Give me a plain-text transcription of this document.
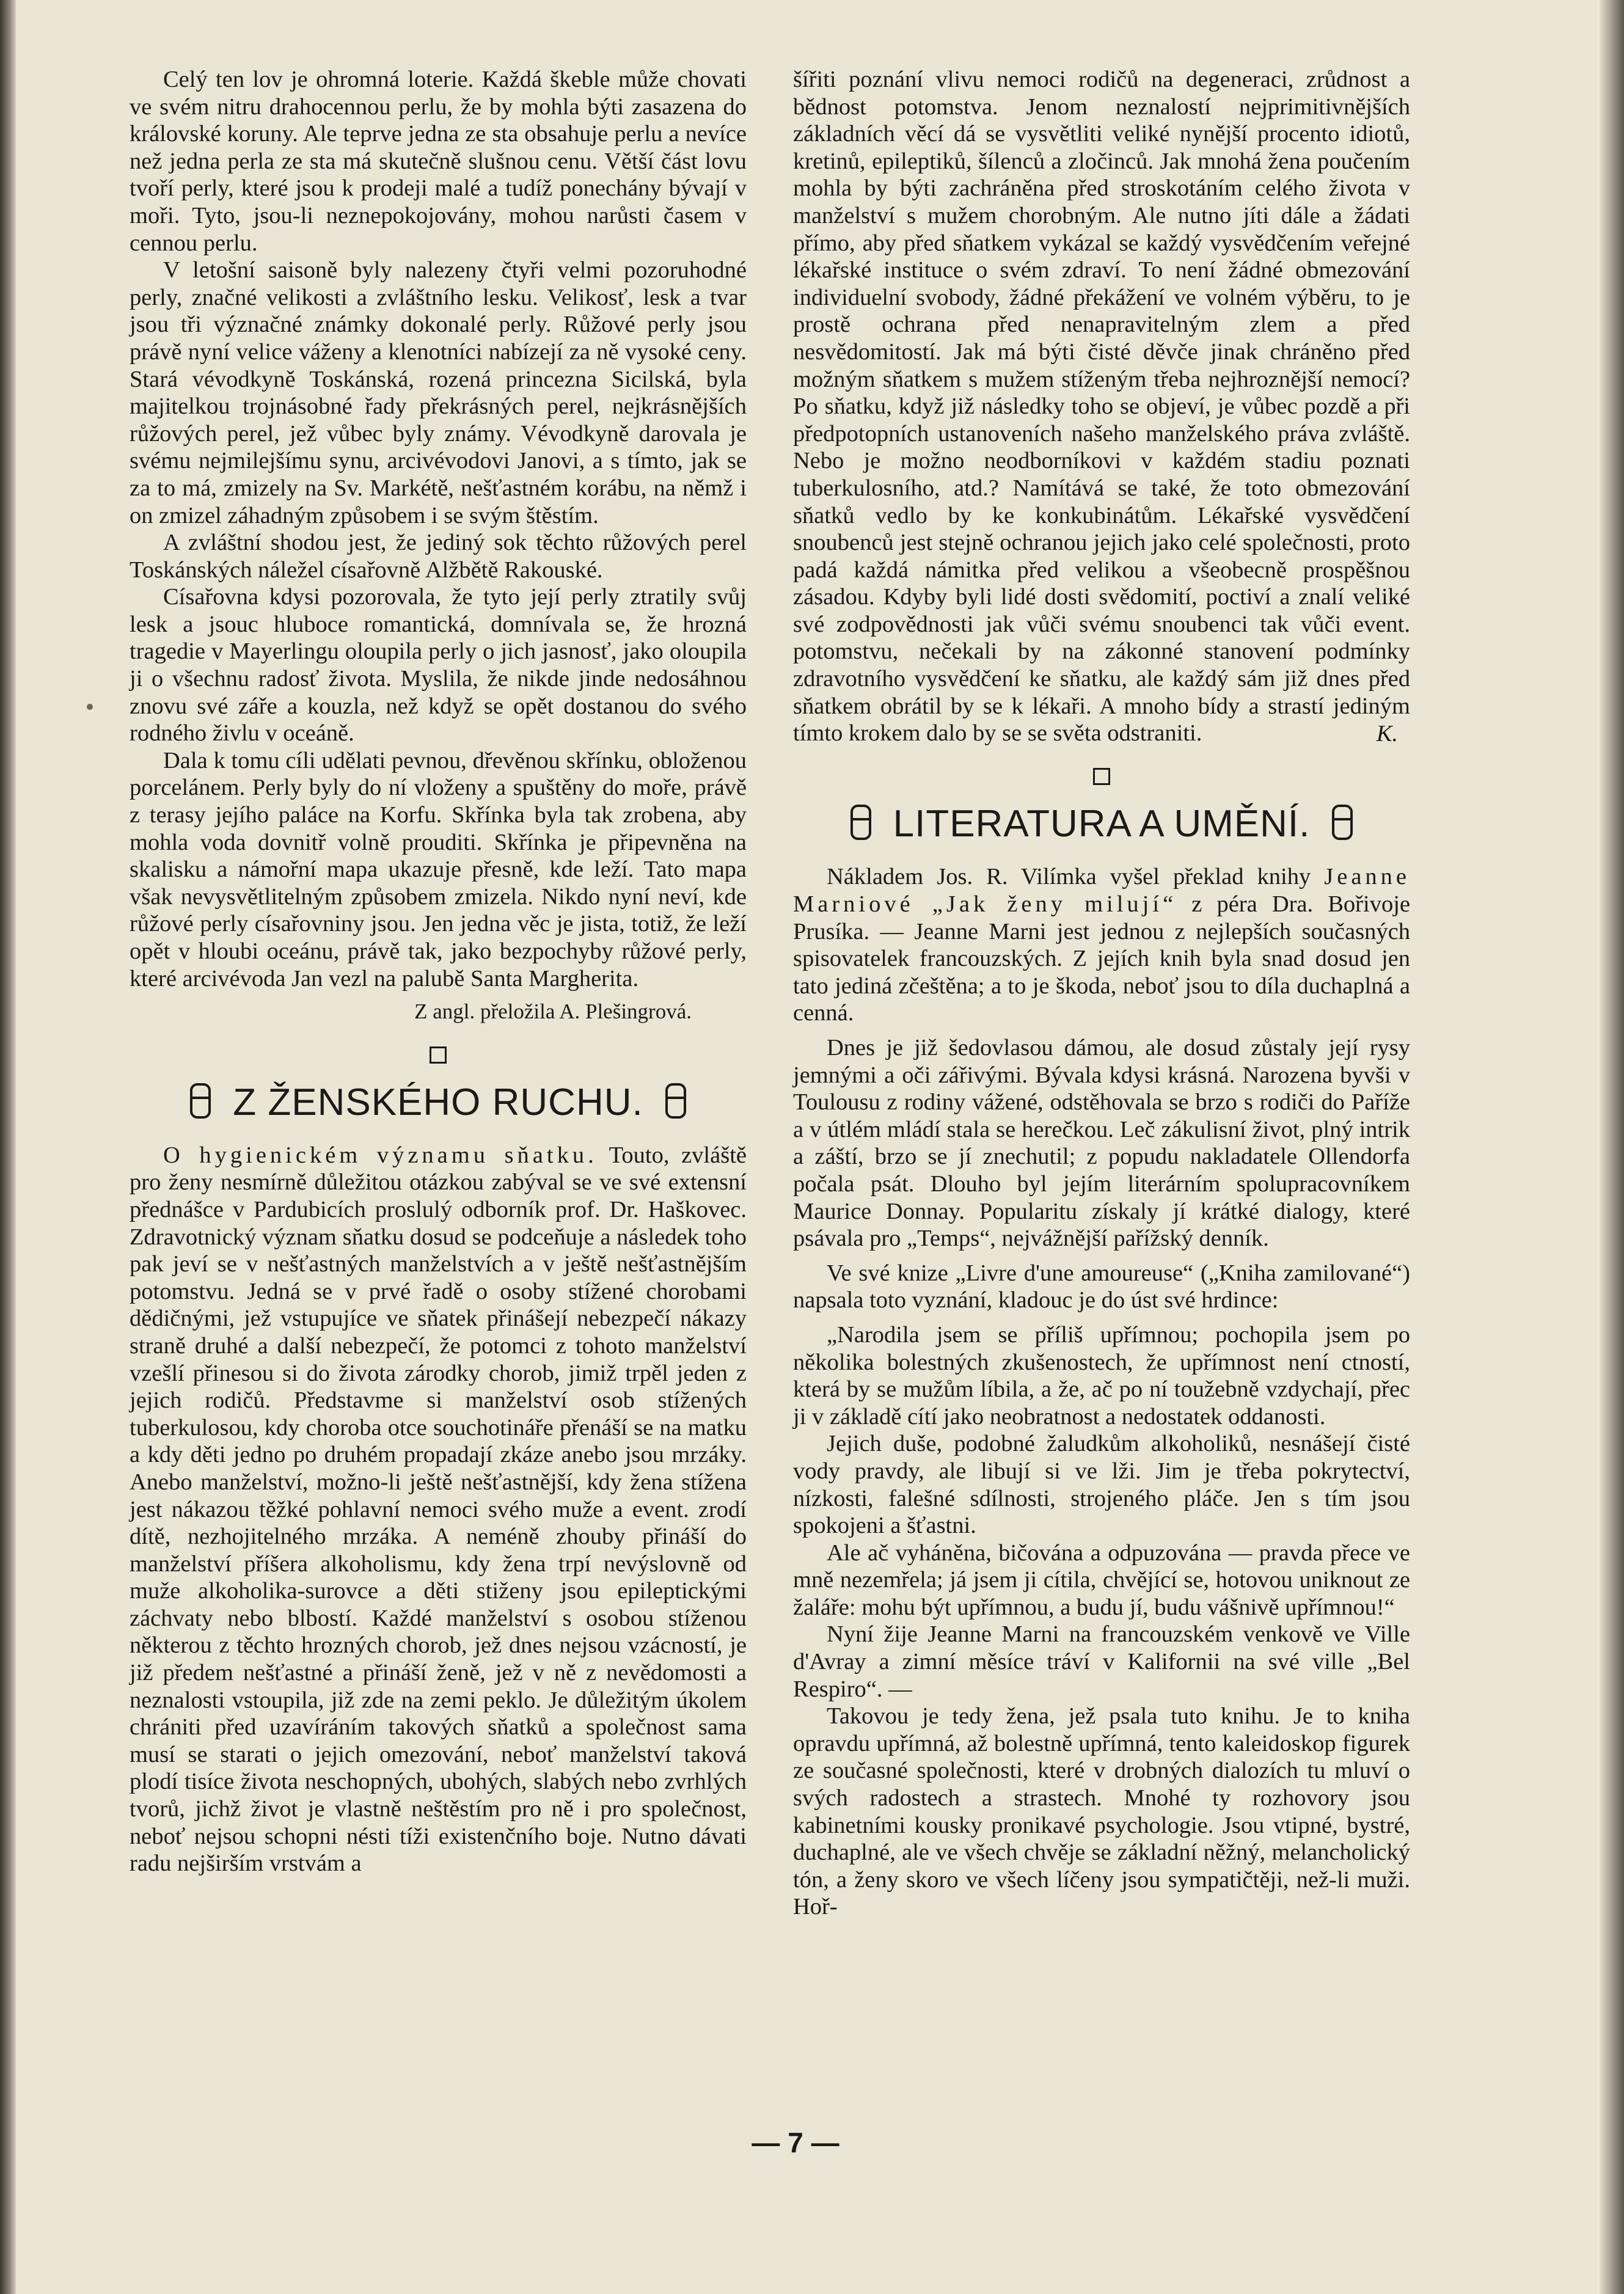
Celý ten lov je ohromná loterie. Každá škeble může chovati ve svém nitru drahocennou perlu, že by mohla býti zasazena do královské koruny. Ale teprve jedna ze sta obsahuje perlu a nevíce než jedna perla ze sta má skutečně slušnou cenu. Větší část lovu tvoří perly, které jsou k prodeji malé a tudíž ponechány bývají v moři. Tyto, jsou-li neznepokojovány, mohou narůsti časem v cennou perlu.

V letošní saisoně byly nalezeny čtyři velmi pozoruhodné perly, značné velikosti a zvláštního lesku. Velikosť, lesk a tvar jsou tři význačné známky dokonalé perly. Růžové perly jsou právě nyní velice váženy a klenotníci nabízejí za ně vysoké ceny. Stará vévodkyně Toskánská, rozená princezna Sicilská, byla majitelkou trojnásobné řady překrásných perel, nejkrásnějších růžových perel, jež vůbec byly známy. Vévodkyně darovala je svému nejmilejšímu synu, arcivévodovi Janovi, a s tímto, jak se za to má, zmizely na Sv. Markétě, nešťastném korábu, na němž i on zmizel záhadným způsobem i se svým štěstím.

A zvláštní shodou jest, že jediný sok těchto růžových perel Toskánských náležel císařovně Alžbětě Rakouské.

Císařovna kdysi pozorovala, že tyto její perly ztratily svůj lesk a jsouc hluboce romantická, domnívala se, že hrozná tragedie v Mayerlingu oloupila perly o jich jasnosť, jako oloupila ji o všechnu radosť života. Myslila, že nikde jinde nedosáhnou znovu své záře a kouzla, než když se opět dostanou do svého rodného živlu v oceáně.

Dala k tomu cíli udělati pevnou, dřevěnou skřínku, obloženou porcelánem. Perly byly do ní vloženy a spuštěny do moře, právě z terasy jejího paláce na Korfu. Skřínka byla tak zrobena, aby mohla voda dovnitř volně prouditi. Skřínka je připevněna na skalisku a námořní mapa ukazuje přesně, kde leží. Tato mapa však nevysvětlitelným způsobem zmizela. Nikdo nyní neví, kde růžové perly císařovniny jsou. Jen jedna věc je jista, totiž, že leží opět v hloubi oceánu, právě tak, jako bezpochyby růžové perly, které arcivévoda Jan vezl na palubě Santa Margherita.

Z angl. přeložila A. Plešingrová.
Z ŽENSKÉHO RUCHU.

O hygienickém významu sňatku. Touto, zvláště pro ženy nesmírně důležitou otázkou zabýval se ve své extensní přednášce v Pardubicích proslulý odborník prof. Dr. Haškovec. Zdravotnický význam sňatku dosud se podceňuje a následek toho pak jeví se v nešťastných manželstvích a v ještě nešťastnějším potomstvu. Jedná se v prvé řadě o osoby stížené chorobami dědičnými, jež vstupujíce ve sňatek přinášejí nebezpečí nákazy straně druhé a další nebezpečí, že potomci z tohoto manželství vzešlí přinesou si do života zárodky chorob, jimiž trpěl jeden z jejich rodičů. Představme si manželství osob stížených tuberkulosou, kdy choroba otce souchotináře přenáší se na matku a kdy děti jedno po druhém propadají zkáze anebo jsou mrzáky. Anebo manželství, možno-li ještě nešťastnější, kdy žena stížena jest nákazou těžké pohlavní nemoci svého muže a event. zrodí dítě, nezhojitelného mrzáka. A neméně zhouby přináší do manželství příšera alkoholismu, kdy žena trpí nevýslovně od muže alkoholika-surovce a děti stiženy jsou epileptickými záchvaty nebo blbostí. Každé manželství s osobou stíženou některou z těchto hrozných chorob, jež dnes nejsou vzácností, je již předem nešťastné a přináší ženě, jež v ně z nevědomosti a neznalosti vstoupila, již zde na zemi peklo. Je důležitým úkolem chrániti před uzavíráním takových sňatků a společnost sama musí se starati o jejich omezování, neboť manželství taková plodí tisíce života neschopných, ubohých, slabých nebo zvrhlých tvorů, jichž život je vlastně neštěstím pro ně i pro společnost, neboť nejsou schopni nésti tíži existenčního boje. Nutno dávati radu nejširším vrstvám a

šířiti poznání vlivu nemoci rodičů na degeneraci, zrůdnost a bědnost potomstva. Jenom neznalostí nejprimitivnějších základních věcí dá se vysvětliti veliké nynější procento idiotů, kretinů, epileptiků, šílenců a zločinců. Jak mnohá žena poučením mohla by býti zachráněna před stroskotáním celého života v manželství s mužem chorobným. Ale nutno jíti dále a žádati přímo, aby před sňatkem vykázal se každý vysvědčením veřejné lékařské instituce o svém zdraví. To není žádné obmezování individuelní svobody, žádné překážení ve volném výběru, to je prostě ochrana před nenapravitelným zlem a před nesvědomitostí. Jak má býti čisté děvče jinak chráněno před možným sňatkem s mužem stíženým třeba nejhroznější nemocí? Po sňatku, když již následky toho se objeví, je vůbec pozdě a při předpotopních ustanoveních našeho manželského práva zvláště. Nebo je možno neodborníkovi v každém stadiu poznati tuberkulosního, atd.? Namítává se také, že toto obmezování sňatků vedlo by ke konkubinátům. Lékařské vysvědčení snoubenců jest stejně ochranou jejich jako celé společnosti, proto padá každá námitka před velikou a všeobecně prospěšnou zásadou. Kdyby byli lidé dosti svědomití, poctiví a znalí veliké své zodpovědnosti jak vůči svému snoubenci tak vůči event. potomstvu, nečekali by na zákonné stanovení podmínky zdravotního vysvědčení ke sňatku, ale každý sám již dnes před sňatkem obrátil by se k lékaři. A mnoho bídy a strastí jediným tímto krokem dalo by se se světa odstraniti.	K.
LITERATURA A UMĚNÍ.

Nákladem Jos. R. Vilímka vyšel překlad knihy Jeanne Marniové „Jak ženy milují“ z péra Dra. Bořivoje Prusíka. — Jeanne Marni jest jednou z nejlepších současných spisovatelek francouzských. Z jejích knih byla snad dosud jen tato jediná zčeštěna; a to je škoda, neboť jsou to díla duchaplná a cenná.

Dnes je již šedovlasou dámou, ale dosud zůstaly její rysy jemnými a oči zářivými. Bývala kdysi krásná. Narozena byvši v Toulousu z rodiny vážené, odstěhovala se brzo s rodiči do Paříže a v útlém mládí stala se herečkou. Leč zákulisní život, plný intrik a záští, brzo se jí znechutil; z popudu nakladatele Ollendorfa počala psát. Dlouho byl jejím literárním spolupracovníkem Maurice Donnay. Popularitu získaly jí krátké dialogy, které psávala pro „Temps“, nejvážnější pařížský denník.

Ve své knize „Livre d'une amoureuse“ („Kniha zamilované“) napsala toto vyznání, kladouc je do úst své hrdince:

„Narodila jsem se příliš upřímnou; pochopila jsem po několika bolestných zkušenostech, že upřímnost není ctností, která by se mužům líbila, a že, ač po ní toužebně vzdychají, přec ji v základě cítí jako neobratnost a nedostatek oddanosti.

Jejich duše, podobné žaludkům alkoholiků, nesnášejí čisté vody pravdy, ale libují si ve lži. Jim je třeba pokrytectví, nízkosti, falešné sdílnosti, strojeného pláče. Jen s tím jsou spokojeni a šťastni.

Ale ač vyháněna, bičována a odpuzována — pravda přece ve mně nezemřela; já jsem ji cítila, chvějící se, hotovou uniknout ze žaláře: mohu být upřímnou, a budu jí, budu vášnivě upřímnou!“

Nyní žije Jeanne Marni na francouzském venkově ve Ville d'Avray a zimní měsíce tráví v Kalifornii na své ville „Bel Respiro“. —

Takovou je tedy žena, jež psala tuto knihu. Je to kniha opravdu upřímná, až bolestně upřímná, tento kaleidoskop figurek ze současné společnosti, které v drobných dialozích tu mluví o svých radostech a strastech. Mnohé ty rozhovory jsou kabinetními kousky pronikavé psychologie. Jsou vtipné, bystré, duchaplné, ale ve všech chvěje se základní něžný, melancholický tón, a ženy skoro ve všech líčeny jsou sympatičtěji, než-li muži. Hoř-

— 7 —
